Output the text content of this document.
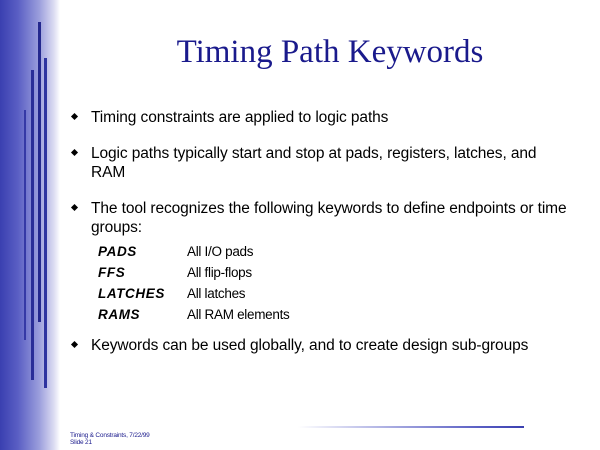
Timing Path Keywords
Timing constraints are applied to logic paths
Logic paths typically start and stop at pads, registers, latches, and RAM
The tool recognizes the following keywords to define endpoints or time groups:
Keywords can be used globally, and to create design sub-groups
PADS	All I/O pads
FFS	All flip-flops
LATCHES All latches
RAMS	All RAM elements
Timing & Constraints, 7/22/99
Slide 21
